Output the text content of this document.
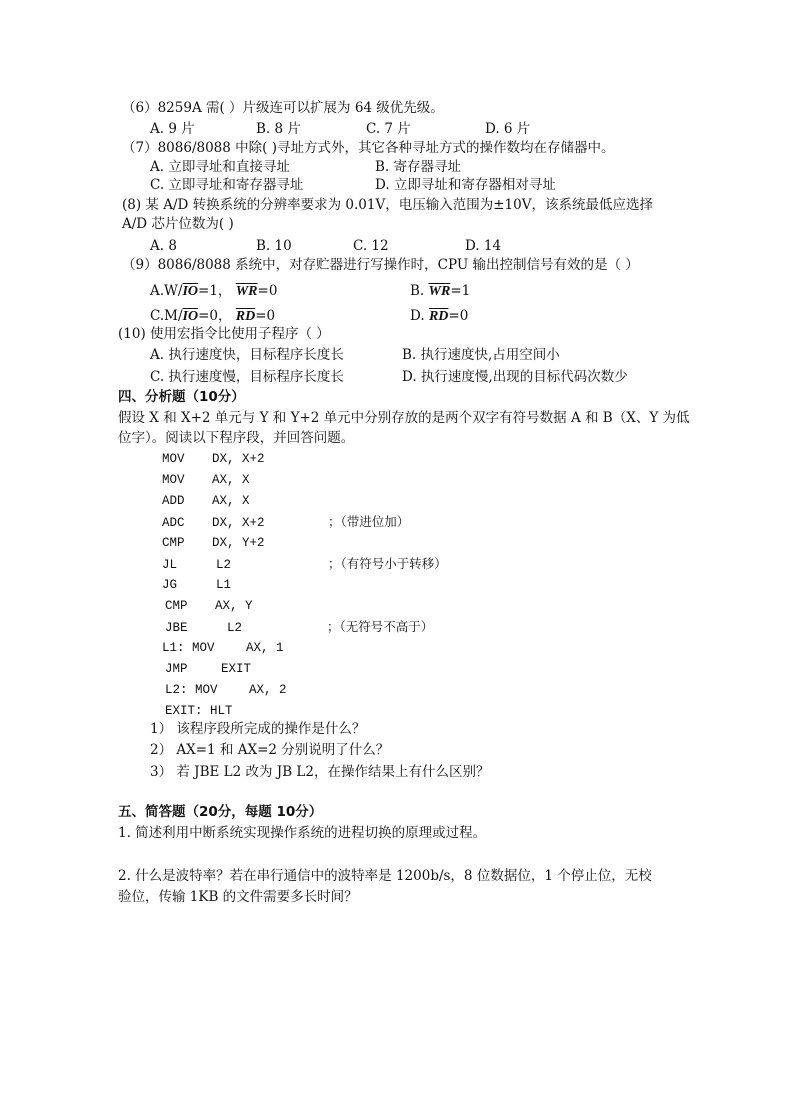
（6）8259A 需( ）片级连可以扩展为 64 级优先级。
A. 9 片	B. 8 片	C. 7 片	D. 6 片
（7）8086/8088 中除( )寻址方式外，其它各种寻址方式的操作数均在存储器中。
A. 立即寻址和直接寻址	B. 寄存器寻址
C. 立即寻址和寄存器寻址	D. 立即寻址和寄存器相对寻址
(8) 某 A/D 转换系统的分辨率要求为 0.01V，电压输入范围为±10V，该系统最低应选择
A/D 芯片位数为( )
A. 8	B. 10	C. 12	D. 14
（9）8086/8088 系统中，对存贮器进行写操作时，CPU 输出控制信号有效的是（ ）
$A.W/\overline{IO}=1$， $\overline{WR}=0$	B. $\overline{WR}=1$
$C.M/\overline{IO}=0$， $\overline{RD}=0$	D. $\overline{RD}=0$
(10) 使用宏指令比使用子程序（ ）
A. 执行速度快，目标程序长度长	B. 执行速度快,占用空间小
C. 执行速度慢，目标程序长度长	D. 执行速度慢,出现的目标代码次数少
四、分析题（10分）
假设 X 和 X+2 单元与 Y 和 Y+2 单元中分别存放的是两个双字有符号数据 A 和 B（X、Y 为低
位字）。阅读以下程序段，并回答问题。
MOV DX, X+2
MOV AX, X
ADD AX, X
ADC DX, X+2	；（带进位加）
CMP DX, Y+2
JL	L2	；（有符号小于转移）
JG	L1
CMP AX, Y
JBE	L2	；（无符号不高于）
L1: MOV	AX, 1
JMP	EXIT
L2: MOV	AX, 2
EXIT: HLT
1） 该程序段所完成的操作是什么？
2） AX=1 和 AX=2 分别说明了什么？
3） 若 JBE L2 改为 JB L2，在操作结果上有什么区别？
五、简答题（20分，每题 10分）
1. 简述利用中断系统实现操作系统的进程切换的原理或过程。
2. 什么是波特率？若在串行通信中的波特率是 1200b/s，8 位数据位，1 个停止位，无校
验位，传输 1KB 的文件需要多长时间？
